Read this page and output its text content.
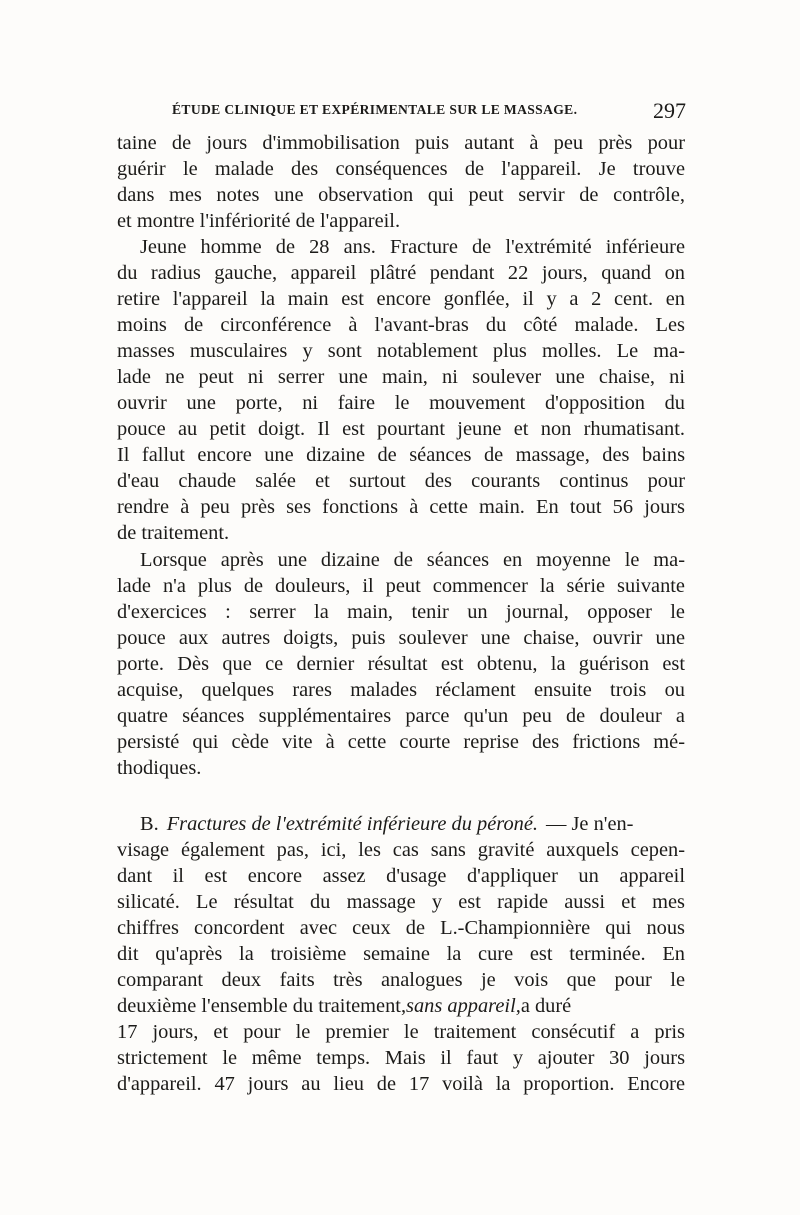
ÉTUDE CLINIQUE ET EXPÉRIMENTALE SUR LE MASSAGE.	297
taine de jours d'immobilisation puis autant à peu près pour
guérir le malade des conséquences de l'appareil. Je trouve
dans mes notes une observation qui peut servir de contrôle,
et montre l'infériorité de l'appareil.
Jeune homme de 28 ans. Fracture de l'extrémité inférieure
du radius gauche, appareil plâtré pendant 22 jours, quand on
retire l'appareil la main est encore gonflée, il y a 2 cent. en
moins de circonférence à l'avant-bras du côté malade. Les
masses musculaires y sont notablement plus molles. Le ma-
lade ne peut ni serrer une main, ni soulever une chaise, ni
ouvrir une porte, ni faire le mouvement d'opposition du
pouce au petit doigt. Il est pourtant jeune et non rhumatisant.
Il fallut encore une dizaine de séances de massage, des bains
d'eau chaude salée et surtout des courants continus pour
rendre à peu près ses fonctions à cette main. En tout 56 jours
de traitement.
Lorsque après une dizaine de séances en moyenne le ma-
lade n'a plus de douleurs, il peut commencer la série suivante
d'exercices : serrer la main, tenir un journal, opposer le
pouce aux autres doigts, puis soulever une chaise, ouvrir une
porte. Dès que ce dernier résultat est obtenu, la guérison est
acquise, quelques rares malades réclament ensuite trois ou
quatre séances supplémentaires parce qu'un peu de douleur a
persisté qui cède vite à cette courte reprise des frictions mé-
thodiques.
B. Fractures de l'extrémité inférieure du péroné. — Je n'en-
visage également pas, ici, les cas sans gravité auxquels cepen-
dant il est encore assez d'usage d'appliquer un appareil
silicaté. Le résultat du massage y est rapide aussi et mes
chiffres concordent avec ceux de L.-Championnière qui nous
dit qu'après la troisième semaine la cure est terminée. En
comparant deux faits très analogues je vois que pour le
deuxième l'ensemble du traitement, sans appareil, a duré
17 jours, et pour le premier le traitement consécutif a pris
strictement le même temps. Mais il faut y ajouter 30 jours
d'appareil. 47 jours au lieu de 17 voilà la proportion. Encore
